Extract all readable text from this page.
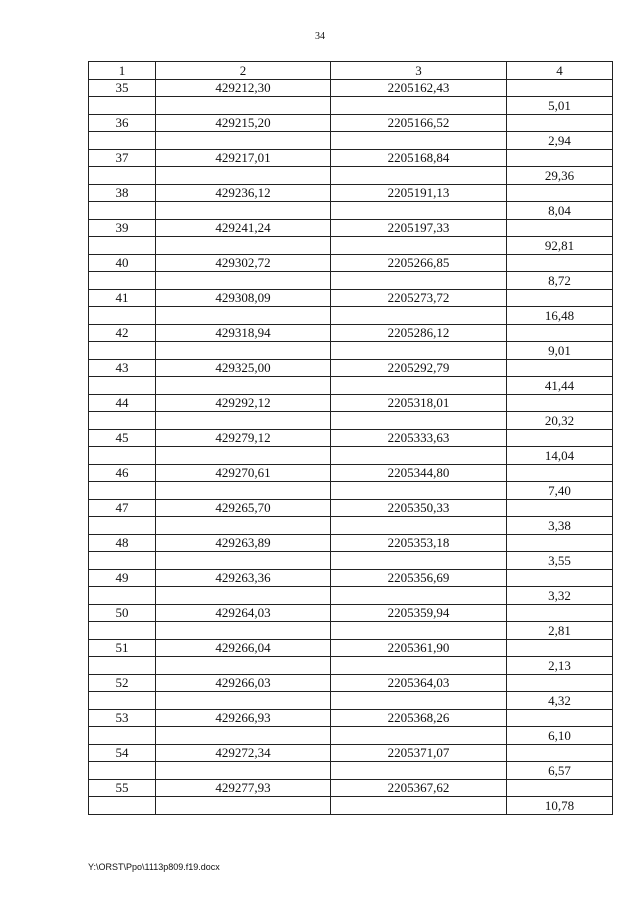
34
1	2	3	4
35	429212,30	2205162,43	
			5,01
36	429215,20	2205166,52	
			2,94
37	429217,01	2205168,84	
			29,36
38	429236,12	2205191,13	
			8,04
39	429241,24	2205197,33	
			92,81
40	429302,72	2205266,85	
			8,72
41	429308,09	2205273,72	
			16,48
42	429318,94	2205286,12	
			9,01
43	429325,00	2205292,79	
			41,44
44	429292,12	2205318,01	
			20,32
45	429279,12	2205333,63	
			14,04
46	429270,61	2205344,80	
			7,40
47	429265,70	2205350,33	
			3,38
48	429263,89	2205353,18	
			3,55
49	429263,36	2205356,69	
			3,32
50	429264,03	2205359,94	
			2,81
51	429266,04	2205361,90	
			2,13
52	429266,03	2205364,03	
			4,32
53	429266,93	2205368,26	
			6,10
54	429272,34	2205371,07	
			6,57
55	429277,93	2205367,62	
			10,78
Y:\ORST\Ppo\1113p809.f19.docx
